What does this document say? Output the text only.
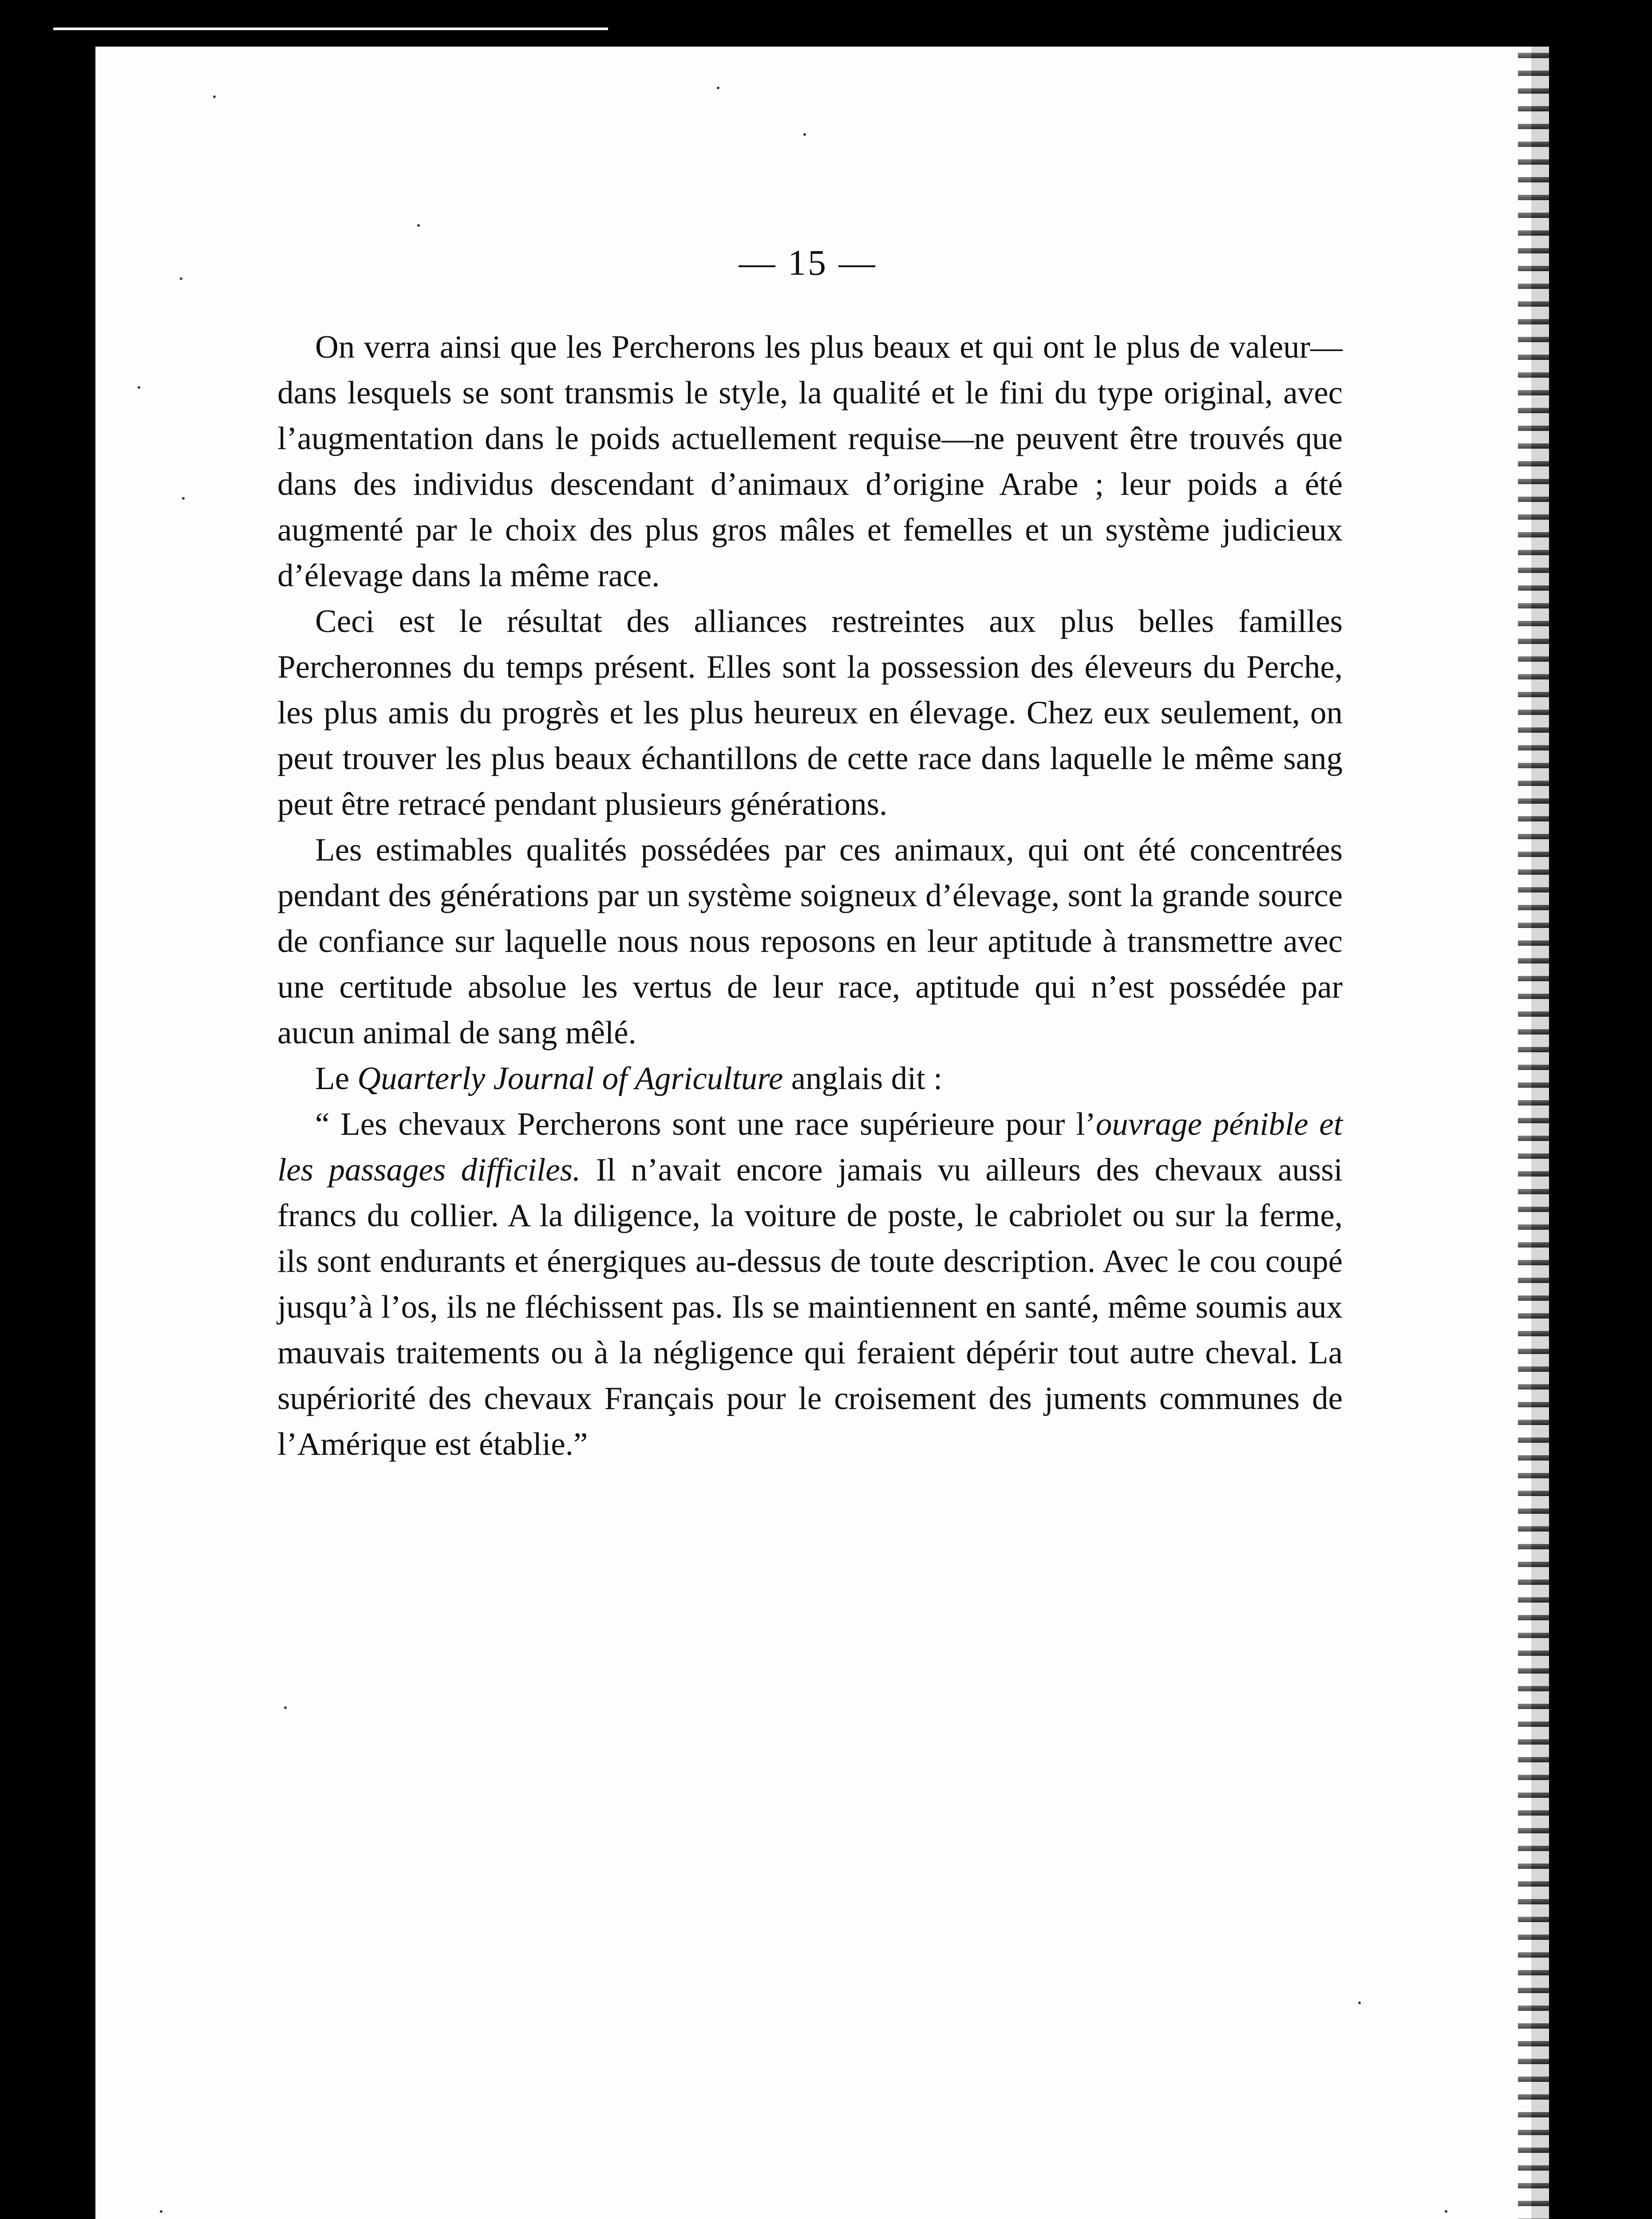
— 15 —

On verra ainsi que les Percherons les plus beaux et qui ont le plus de valeur—dans lesquels se sont transmis le style, la qualité et le fini du type original, avec l’augmentation dans le poids actuellement requise—ne peuvent être trouvés que dans des individus descendant d’animaux d’origine Arabe ; leur poids a été augmenté par le choix des plus gros mâles et femelles et un système judicieux d’élevage dans la même race.

Ceci est le résultat des alliances restreintes aux plus belles familles Percheronnes du temps présent. Elles sont la possession des éleveurs du Perche, les plus amis du progrès et les plus heureux en élevage. Chez eux seulement, on peut trouver les plus beaux échantillons de cette race dans laquelle le même sang peut être retracé pendant plusieurs générations.

Les estimables qualités possédées par ces animaux, qui ont été concentrées pendant des générations par un système soigneux d’élevage, sont la grande source de confiance sur laquelle nous nous reposons en leur aptitude à transmettre avec une certitude absolue les vertus de leur race, aptitude qui n’est possédée par aucun animal de sang mêlé.

Le Quarterly Journal of Agriculture anglais dit :

“ Les chevaux Percherons sont une race supérieure pour l’ouvrage pénible et les passages difficiles. Il n’avait encore jamais vu ailleurs des chevaux aussi francs du collier. A la diligence, la voiture de poste, le cabriolet ou sur la ferme, ils sont endurants et énergiques au-dessus de toute description. Avec le cou coupé jusqu’à l’os, ils ne fléchissent pas. Ils se maintiennent en santé, même soumis aux mauvais traitements ou à la négligence qui feraient dépérir tout autre cheval. La supériorité des chevaux Français pour le croisement des juments communes de l’Amérique est établie.”
